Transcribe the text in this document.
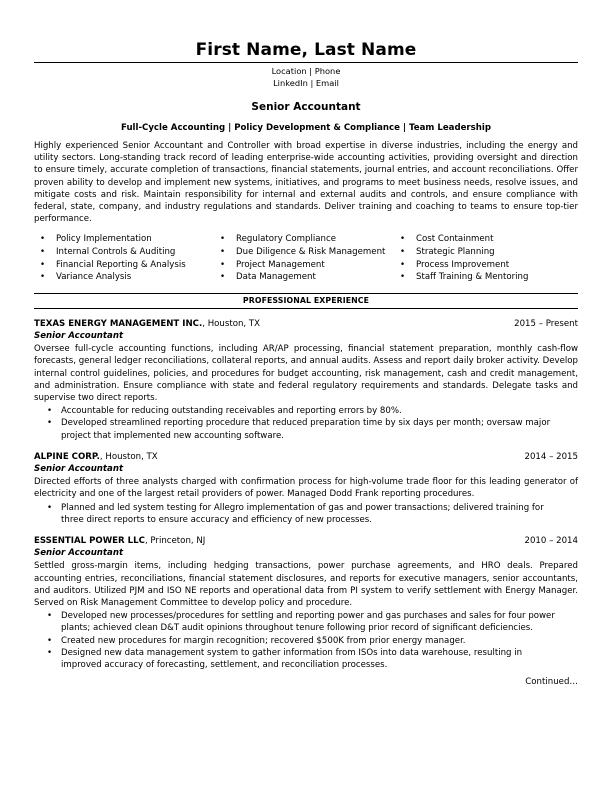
First Name, Last Name
Location | Phone
LinkedIn | Email
Senior Accountant
Full-Cycle Accounting | Policy Development & Compliance | Team Leadership
Highly experienced Senior Accountant and Controller with broad expertise in diverse industries, including the energy and utility sectors. Long-standing track record of leading enterprise-wide accounting activities, providing oversight and direction to ensure timely, accurate completion of transactions, financial statements, journal entries, and account reconciliations. Offer proven ability to develop and implement new systems, initiatives, and programs to meet business needs, resolve issues, and mitigate costs and risk. Maintain responsibility for internal and external audits and controls, and ensure compliance with federal, state, company, and industry regulations and standards. Deliver training and coaching to teams to ensure top-tier performance.
• Policy Implementation
• Internal Controls & Auditing
• Financial Reporting & Analysis
• Variance Analysis
• Regulatory Compliance
• Due Diligence & Risk Management
• Project Management
• Data Management
• Cost Containment
• Strategic Planning
• Process Improvement
• Staff Training & Mentoring
PROFESSIONAL EXPERIENCE
TEXAS ENERGY MANAGEMENT INC., Houston, TX	2015 – Present
Senior Accountant
Oversee full-cycle accounting functions, including AR/AP processing, financial statement preparation, monthly cash-flow forecasts, general ledger reconciliations, collateral reports, and annual audits. Assess and report daily broker activity. Develop internal control guidelines, policies, and procedures for budget accounting, risk management, cash and credit management, and administration. Ensure compliance with state and federal regulatory requirements and standards. Delegate tasks and supervise two direct reports.
• Accountable for reducing outstanding receivables and reporting errors by 80%.
• Developed streamlined reporting procedure that reduced preparation time by six days per month; oversaw major project that implemented new accounting software.
ALPINE CORP., Houston, TX	2014 – 2015
Senior Accountant
Directed efforts of three analysts charged with confirmation process for high-volume trade floor for this leading generator of electricity and one of the largest retail providers of power. Managed Dodd Frank reporting procedures.
• Planned and led system testing for Allegro implementation of gas and power transactions; delivered training for three direct reports to ensure accuracy and efficiency of new processes.
ESSENTIAL POWER LLC, Princeton, NJ	2010 – 2014
Senior Accountant
Settled gross-margin items, including hedging transactions, power purchase agreements, and HRO deals. Prepared accounting entries, reconciliations, financial statement disclosures, and reports for executive managers, senior accountants, and auditors. Utilized PJM and ISO NE reports and operational data from PI system to verify settlement with Energy Manager. Served on Risk Management Committee to develop policy and procedure.
• Developed new processes/procedures for settling and reporting power and gas purchases and sales for four power plants; achieved clean D&T audit opinions throughout tenure following prior record of significant deficiencies.
• Created new procedures for margin recognition; recovered $500K from prior energy manager.
• Designed new data management system to gather information from ISOs into data warehouse, resulting in improved accuracy of forecasting, settlement, and reconciliation processes.
Continued…
